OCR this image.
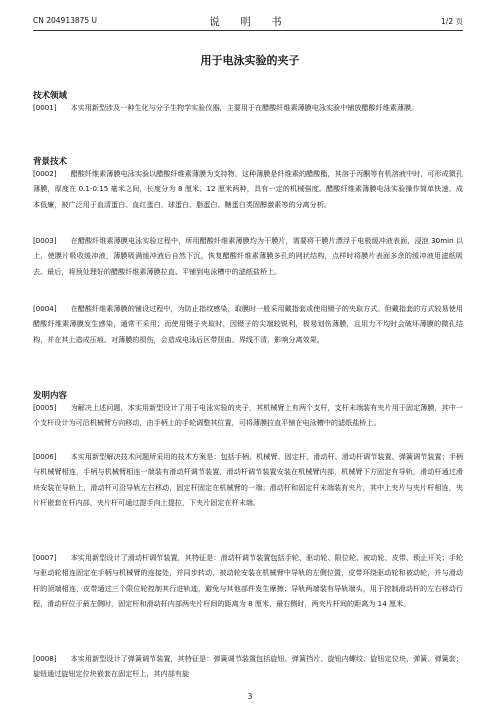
CN 204913875 U	说　明　书	1/2 页
用于电泳实验的夹子
技术领域

[0001] 本实用新型涉及一种生化与分子生物学实验仪器，主要用于在醋酸纤维素薄膜电泳实验中铺放醋酸纤维素薄膜。

背景技术

[0002] 醋酸纤维素薄膜电泳实验以醋酸纤维素薄膜为支持物，这种薄膜是纤维素的醋酸酯，其溶于丙酮等有机溶液中时，可形成微孔薄膜，厚度在 0.1-0.15 毫米之间，长度分为 8 厘米、12 厘米两种，具有一定的机械强度。醋酸纤维素薄膜电泳实验操作简单快速、成本低廉，被广泛用于血清蛋白、血红蛋白、球蛋白、脂蛋白、糖蛋白类固醇激素等的分离分析。

[0003] 在醋酸纤维素薄膜电泳实验过程中，所用醋酸纤维素薄膜均为干膜片，需要将干膜片漂浮于电极缓冲液表面，浸泡 30min 以上，使膜片吸收缓冲液，薄膜吸满缓冲液后自然下沉，恢复醋酸纤维素薄膜多孔的网状结构，点样时将膜片表面多余的缓冲液用滤纸吸去。最后，将预处理好的醋酸纤维素薄膜拉直、平铺到电泳槽中的滤纸盐桥上。

[0004] 在醋酸纤维素薄膜的铺设过程中，为防止指纹感染，取膜时一般采用戴指套或使用镊子的夹取方式。但戴指套的方式较易使用醋酸纤维素薄膜发生感染，通常不采用；而使用镊子夹取时，因镊子的尖端较锐利，极易划伤薄膜，且用力不均时会破坏薄膜的微孔结构，并在其上造成压痕。对薄膜的损伤，会造成电泳后区带扭曲、界线不清，影响分离效果。

发明内容

[0005] 为解决上述问题，本实用新型设计了用于电泳实验的夹子，其机械臂上有两个支杆，支杆末端装有夹片用于固定薄膜，其中一个支杆设计为可沿机械臂方向移动，由手柄上的手轮调整其位置，可将薄膜拉直平铺在电泳槽中的滤纸盐桥上。

[0006] 本实用新型解决技术问题所采用的技术方案是：包括手柄、机械臂、固定杆、滑动杆、滑动杆调节装置、弹簧调节装置；手柄与机械臂相连，手柄与机械臂相连一端装有滑动杆调节装置，滑动杆调节装置安装在机械臂内部，机械臂下方固定有导轨，滑动杆通过滑块安装在导轨上，滑动杆可沿导轨左右移动，固定杆固定在机械臂的一端；滑动杆和固定杆末端装有夹片，其中上夹片与夹片杆相连，夹片杆嵌套在杆内部，夹片杆可通过提手向上提拉，下夹片固定在杆末端。

[0007] 本实用新型设计了滑动杆调节装置，其特征是：滑动杆调节装置包括手轮、驱动轮、限位轮、被动轮、皮带、锁止开关；手轮与驱动轮相连固定在手柄与机械臂的连接处，并同步转动，被动轮安装在机械臂中导轨的左侧位置，皮带环绕驱动轮和被动轮，并与滑动杆的顶端相连，皮带通过三个限位轮控制其行进轨迹，避免与其他部件发生摩擦；导轨两端装有导轨端头，用于控制滑动杆的左右移动行程，滑动杆位于最左侧时，固定杆和滑动杆内部两夹片杆间的距离为 8 厘米，最右侧时，两夹片杆间的距离为 14 厘米。

[0008] 本实用新型设计了弹簧调节装置，其特征是：弹簧调节装置包括旋钮、弹簧挡片、旋钮内螺纹、旋钮定位块、弹簧、弹簧套；旋钮通过旋钮定位块嵌套在固定杆上，其内部有旋

3
